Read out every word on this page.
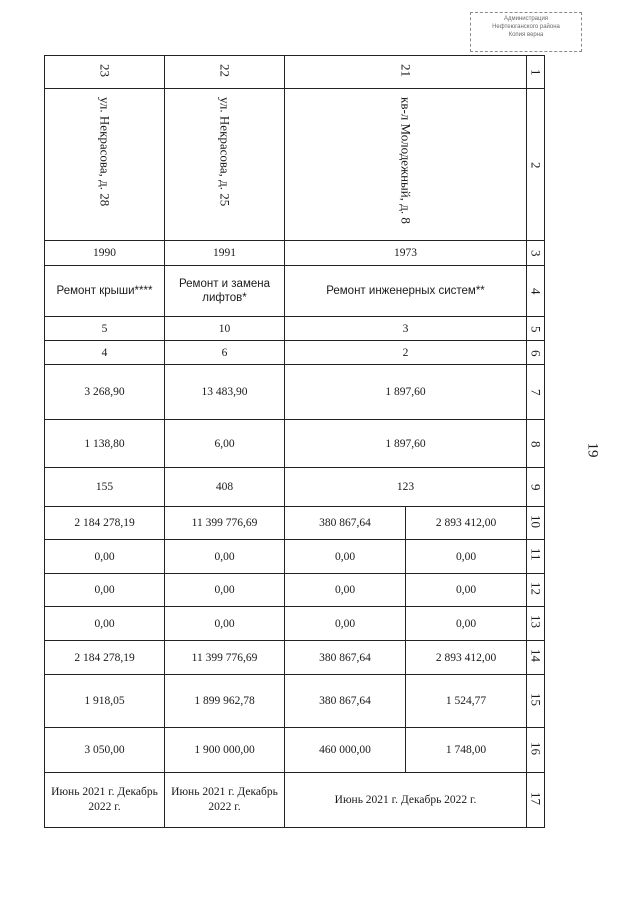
Администрация
Нефтеюганского района
Копия верна
19
23	22	21		1
ул. Некрасова, д. 28	ул. Некрасова, д. 25	кв-л Молодежный, д. 8		2
1990	1991	1973		3
Ремонт крыши****	Ремонт и замена лифтов*	Ремонт инженерных систем**		4
5	10	3		5
4	6	2		6
3 268,90	13 483,90	1 897,60		7
1 138,80	6,00	1 897,60		8
155	408	123		9
2 184 278,19	11 399 776,69	380 867,64	2 893 412,00	10
0,00	0,00	0,00	0,00	11
0,00	0,00	0,00	0,00	12
0,00	0,00	0,00	0,00	13
2 184 278,19	11 399 776,69	380 867,64	2 893 412,00	14
1 918,05	1 899 962,78	380 867,64	1 524,77	15
3 050,00	1 900 000,00	460 000,00	1 748,00	16
Июнь 2021 г. Декабрь 2022 г.	Июнь 2021 г. Декабрь 2022 г.	Июнь 2021 г. Декабрь 2022 г.		17
